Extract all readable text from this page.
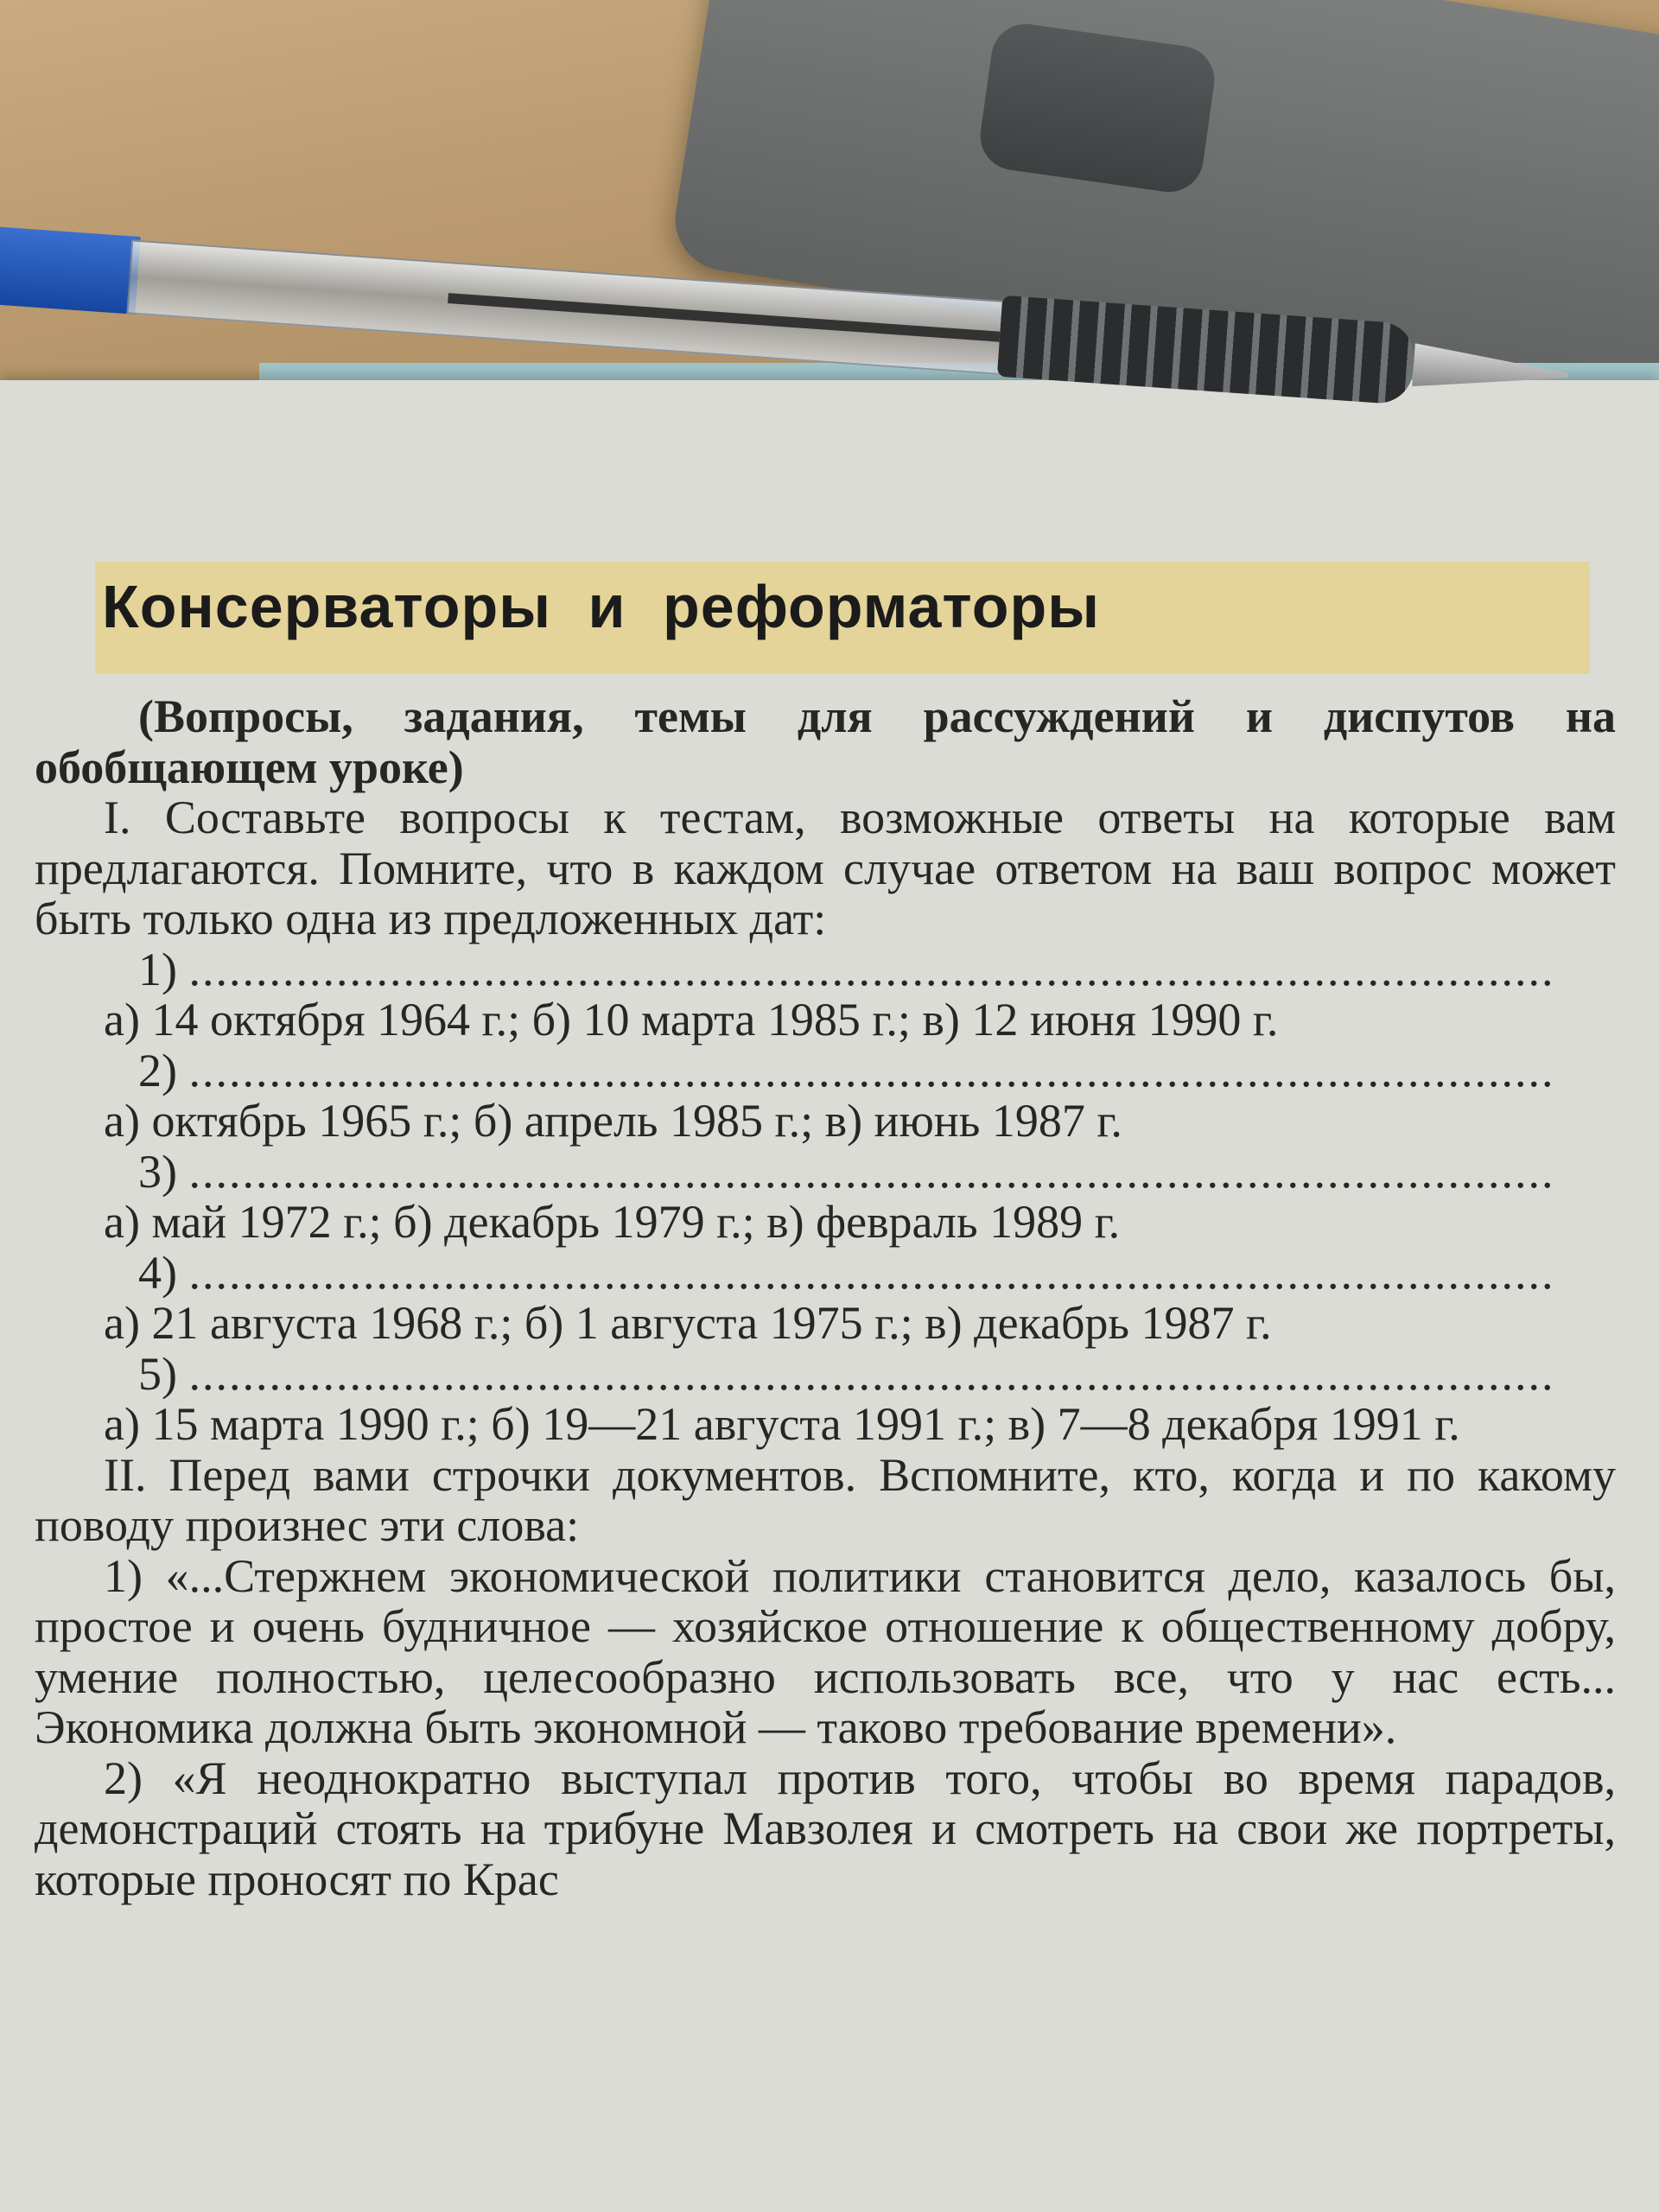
Консерваторы и реформаторы

(Вопросы, задания, темы для рассуждений и диспутов на обобщающем уроке)

I. Составьте вопросы к тестам, возможные ответы на которые вам предлагаются. Помните, что в каждом случае ответом на ваш вопрос может быть только одна из предложенных дат:

1) ......................................................................................................

а) 14 октября 1964 г.; б) 10 марта 1985 г.; в) 12 июня 1990 г.

2) ......................................................................................................

а) октябрь 1965 г.; б) апрель 1985 г.; в) июнь 1987 г.

3) ......................................................................................................

а) май 1972 г.; б) декабрь 1979 г.; в) февраль 1989 г.

4) ......................................................................................................

а) 21 августа 1968 г.; б) 1 августа 1975 г.; в) декабрь 1987 г.

5) ......................................................................................................

а) 15 марта 1990 г.; б) 19—21 августа 1991 г.; в) 7—8 декабря 1991 г.

II. Перед вами строчки документов. Вспомните, кто, когда и по какому поводу произнес эти слова:

1) «...Стержнем экономической политики становится дело, казалось бы, простое и очень будничное — хозяйское отношение к общественному добру, умение полностью, целесообразно использовать все, что у нас есть... Экономика должна быть экономной — таково требование времени».

2) «Я неоднократно выступал против того, чтобы во время парадов, демонстраций стоять на трибуне Мавзолея и смотреть на свои же портреты, которые проносят по Крас
